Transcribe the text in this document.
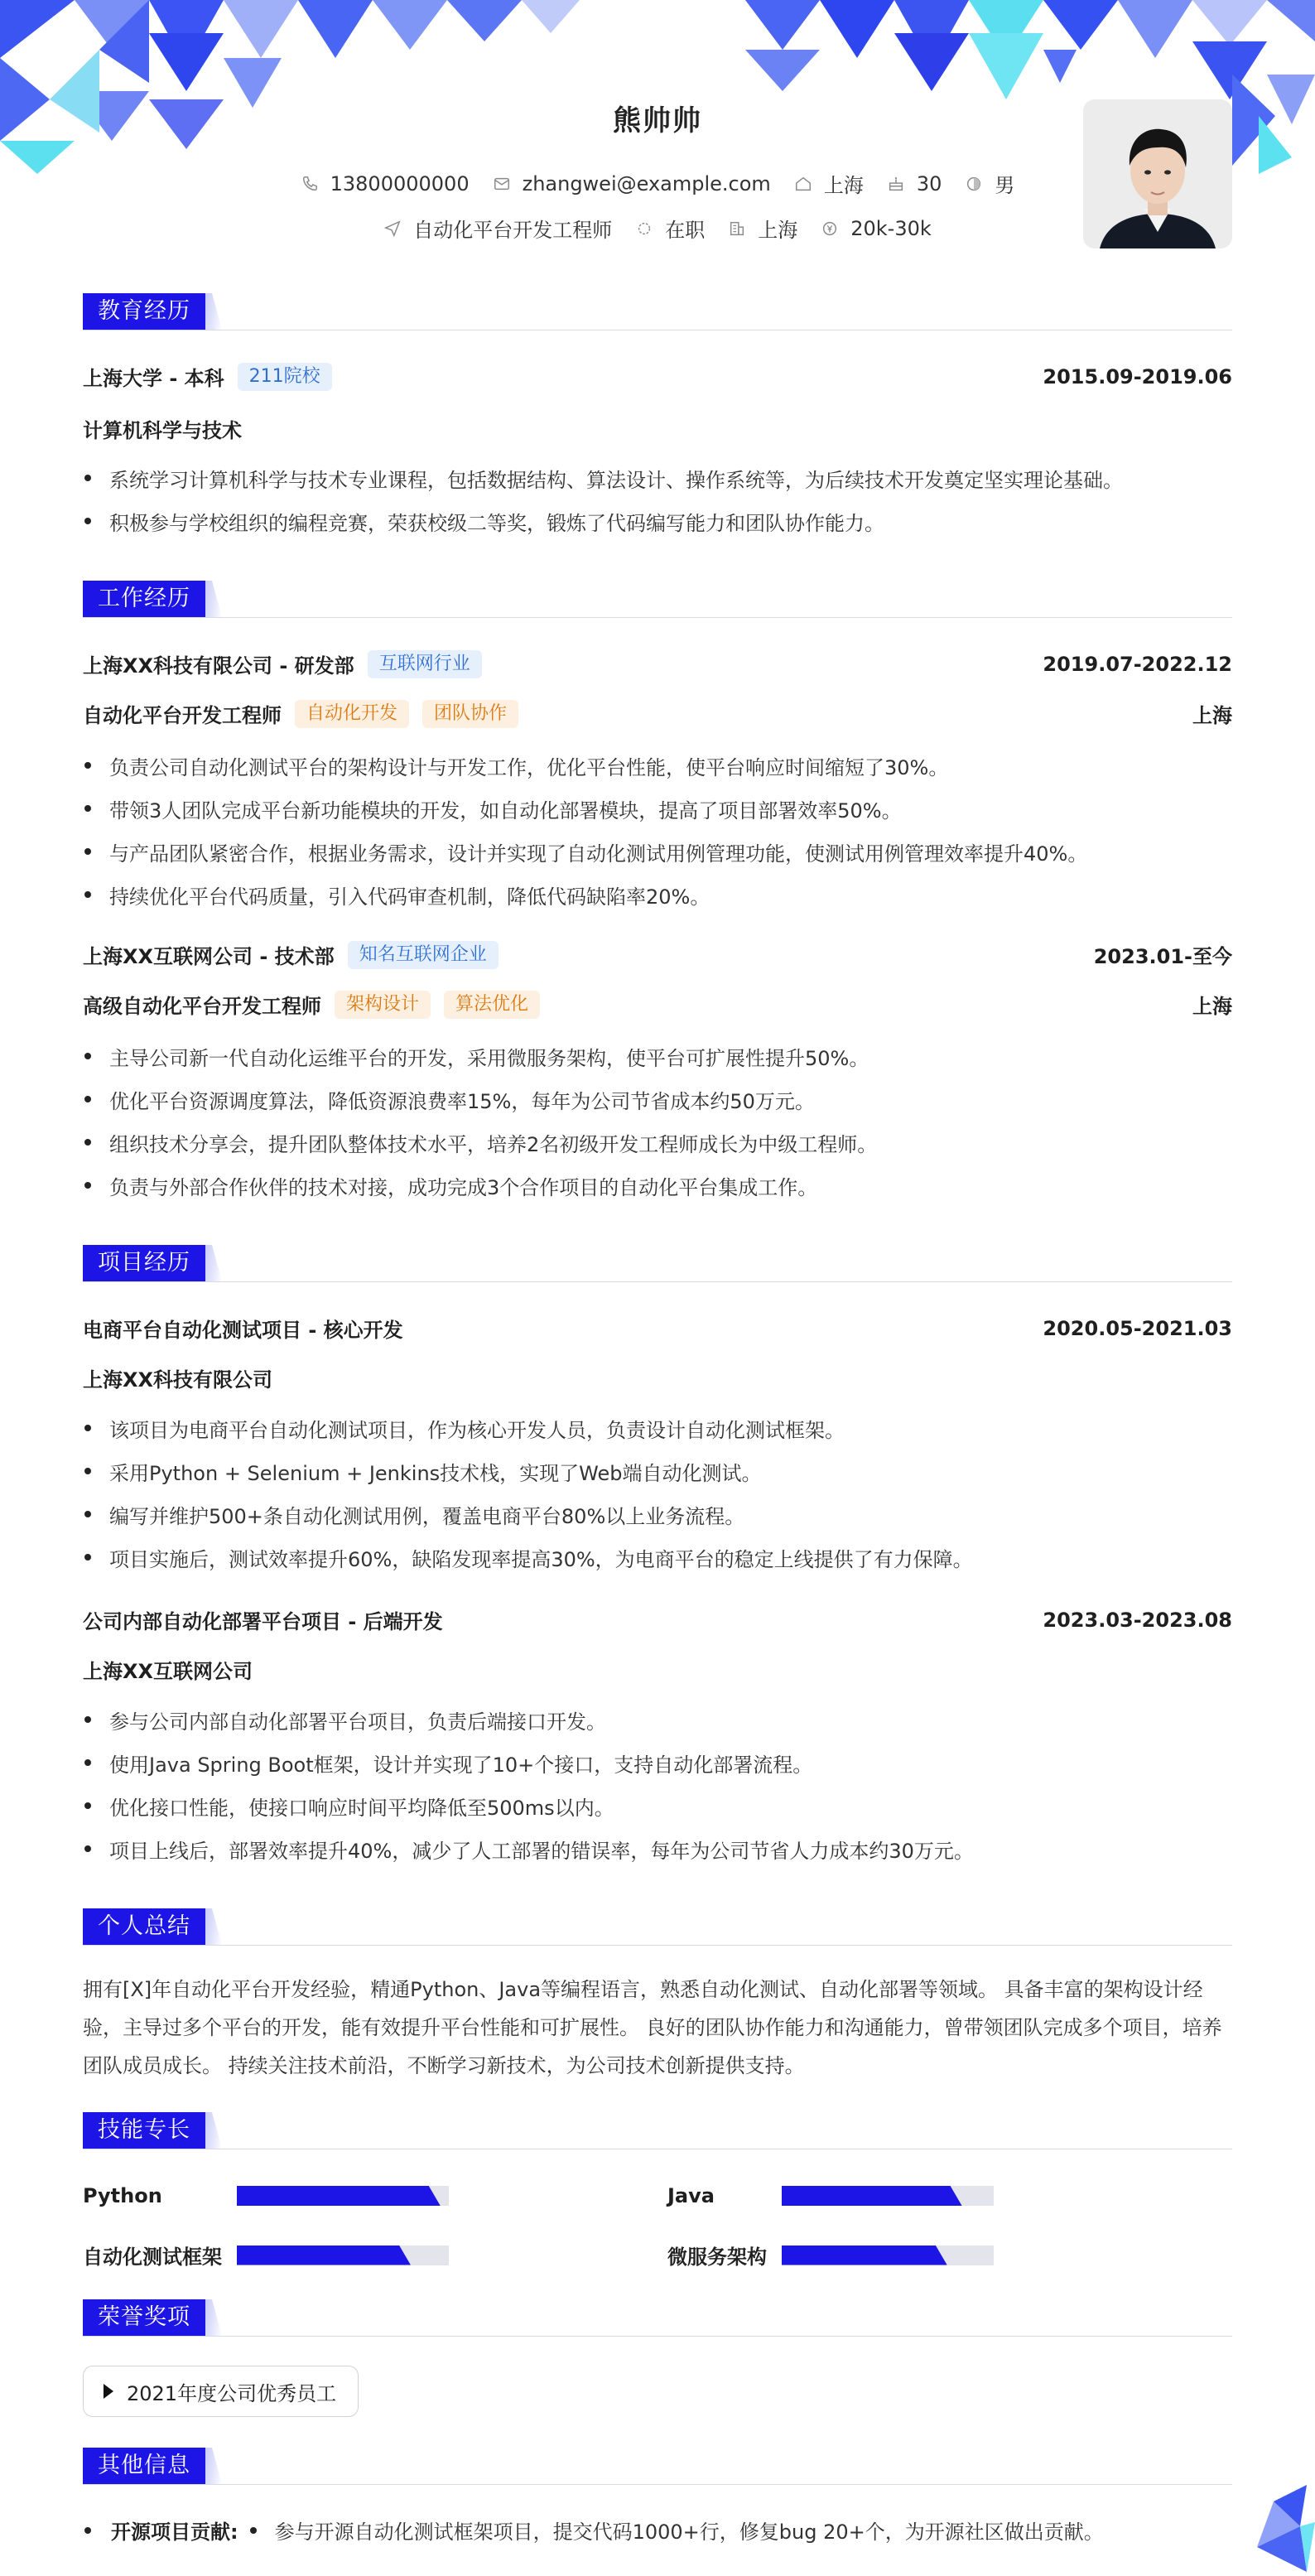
熊帅帅
13800000000	zhangwei@example.com	上海	30	男
自动化平台开发工程师	在职	上海	20k-30k
教育经历
上海大学 - 本科	211院校	2015.09-2019.06
计算机科学与技术
系统学习计算机科学与技术专业课程，包括数据结构、算法设计、操作系统等，为后续技术开发奠定坚实理论基础。
积极参与学校组织的编程竞赛，荣获校级二等奖，锻炼了代码编写能力和团队协作能力。
工作经历
上海XX科技有限公司 - 研发部	互联网行业	2019.07-2022.12
自动化平台开发工程师	自动化开发	团队协作	上海
负责公司自动化测试平台的架构设计与开发工作，优化平台性能，使平台响应时间缩短了30%。
带领3人团队完成平台新功能模块的开发，如自动化部署模块，提高了项目部署效率50%。
与产品团队紧密合作，根据业务需求，设计并实现了自动化测试用例管理功能，使测试用例管理效率提升40%。
持续优化平台代码质量，引入代码审查机制，降低代码缺陷率20%。
上海XX互联网公司 - 技术部	知名互联网企业	2023.01-至今
高级自动化平台开发工程师	架构设计	算法优化	上海
主导公司新一代自动化运维平台的开发，采用微服务架构，使平台可扩展性提升50%。
优化平台资源调度算法，降低资源浪费率15%，每年为公司节省成本约50万元。
组织技术分享会，提升团队整体技术水平，培养2名初级开发工程师成长为中级工程师。
负责与外部合作伙伴的技术对接，成功完成3个合作项目的自动化平台集成工作。
项目经历
电商平台自动化测试项目 - 核心开发	2020.05-2021.03
上海XX科技有限公司
该项目为电商平台自动化测试项目，作为核心开发人员，负责设计自动化测试框架。
采用Python + Selenium + Jenkins技术栈，实现了Web端自动化测试。
编写并维护500+条自动化测试用例，覆盖电商平台80%以上业务流程。
项目实施后，测试效率提升60%，缺陷发现率提高30%，为电商平台的稳定上线提供了有力保障。
公司内部自动化部署平台项目 - 后端开发	2023.03-2023.08
上海XX互联网公司
参与公司内部自动化部署平台项目，负责后端接口开发。
使用Java Spring Boot框架，设计并实现了10+个接口，支持自动化部署流程。
优化接口性能，使接口响应时间平均降低至500ms以内。
项目上线后，部署效率提升40%，减少了人工部署的错误率，每年为公司节省人力成本约30万元。
个人总结
拥有[X]年自动化平台开发经验，精通Python、Java等编程语言，熟悉自动化测试、自动化部署等领域。 具备丰富的架构设计经
验，主导过多个平台的开发，能有效提升平台性能和可扩展性。 良好的团队协作能力和沟通能力，曾带领团队完成多个项目，培养
团队成员成长。 持续关注技术前沿，不断学习新技术，为公司技术创新提供支持。
技能专长
Python	Java
自动化测试框架	微服务架构
荣誉奖项
2021年度公司优秀员工
其他信息
开源项目贡献: 参与开源自动化测试框架项目，提交代码1000+行，修复bug 20+个，为开源社区做出贡献。
